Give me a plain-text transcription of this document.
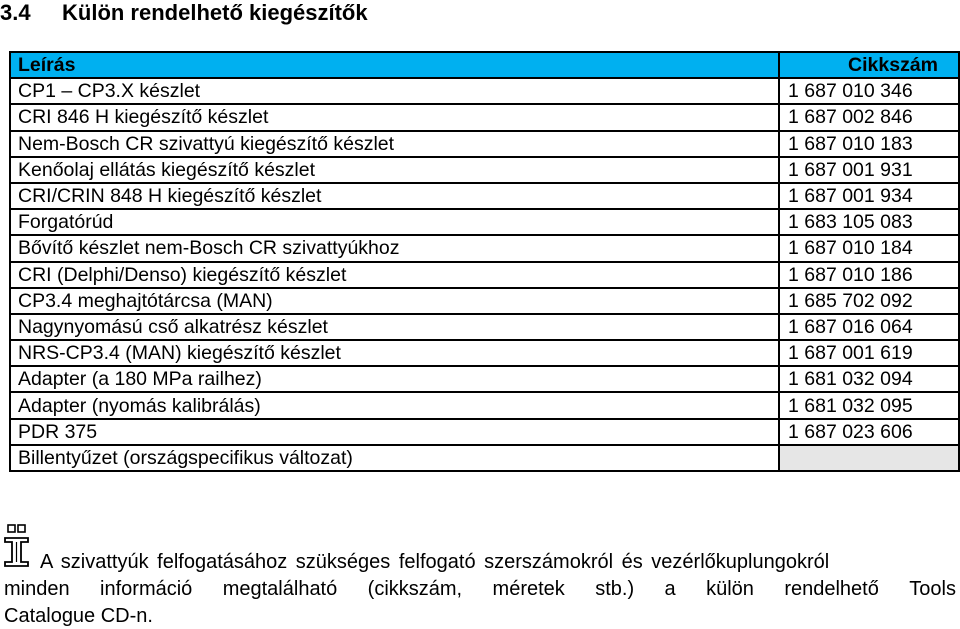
3.4 Külön rendelhető kiegészítők
Leírás	Cikkszám
CP1 – CP3.X készlet	1 687 010 346
CRI 846 H kiegészítő készlet	1 687 002 846
Nem-Bosch CR szivattyú kiegészítő készlet	1 687 010 183
Kenőolaj ellátás kiegészítő készlet	1 687 001 931
CRI/CRIN 848 H kiegészítő készlet	1 687 001 934
Forgatórúd	1 683 105 083
Bővítő készlet nem-Bosch CR szivattyúkhoz	1 687 010 184
CRI (Delphi/Denso) kiegészítő készlet	1 687 010 186
CP3.4 meghajtótárcsa (MAN)	1 685 702 092
Nagynyomású cső alkatrész készlet	1 687 016 064
NRS-CP3.4 (MAN) kiegészítő készlet	1 687 001 619
Adapter (a 180 MPa railhez)	1 681 032 094
Adapter (nyomás kalibrálás)	1 681 032 095
PDR 375	1 687 023 606
Billentyűzet (országspecifikus változat)	
A szivattyúk felfogatásához szükséges felfogató szerszámokról és vezérlőkuplungokról
minden információ megtalálható (cikkszám, méretek stb.) a külön rendelhető Tools
Catalogue CD-n.
